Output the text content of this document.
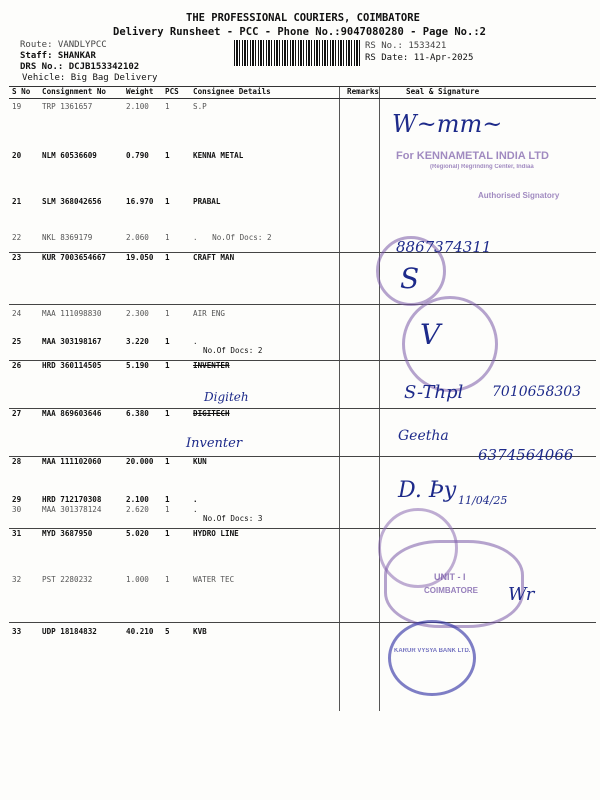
THE PROFESSIONAL COURIERS, COIMBATORE
Delivery Runsheet - PCC - Phone No.:9047080280 - Page No.:2
Route: VANDLYPCC
Staff: SHANKAR
DRS No.: DCJB153342102
Vehicle: Big Bag Delivery
RS No.: 1533421
RS Date: 11-Apr-2025
S No	Consignment No	Weight	PCS	Consignee Details	Remarks	Seal & Signature
19	TRP 1361657	2.100	1	S.P		
20	NLM 60536609	0.790	1	KENNA METAL		
21	SLM 368042656	16.970	1	PRABAL		
22	NKL 8369179	2.060	1	. No.Of Docs: 2		
23	KUR 7003654667	19.050	1	CRAFT MAN		
24	MAA 111098830	2.300	1	AIR ENG		
25	MAA 303198167	3.220	1	.
No.Of Docs: 2		

26	HRD 360114505	5.190	1	INVENTER		
27	MAA 869603646	6.380	1	DIGITECH		
28	MAA 111102060	20.000	1	KUN		
29	HRD 712170308	2.100	1	.		
30	MAA 301378124	2.620	1	.
No.Of Docs: 3		

31	MYD 3687950	5.020	1	HYDRO LINE		
32	PST 2280232	1.000	1	WATER TEC		
33	UDP 18184832	40.210	5	KVB		
For KENNAMETAL INDIA LTD
(Regional) Regrinding Center, Indiaa
Authorised Signatory
UNIT - I
COIMBATORE
KARUR VYSYA BANK LTD.
W~mm~
8867374311
S
V
Digiteh
Inventer
S-Thpl 7010658303
Geetha
6374564066
D. Þy 11/04/25
Wr
